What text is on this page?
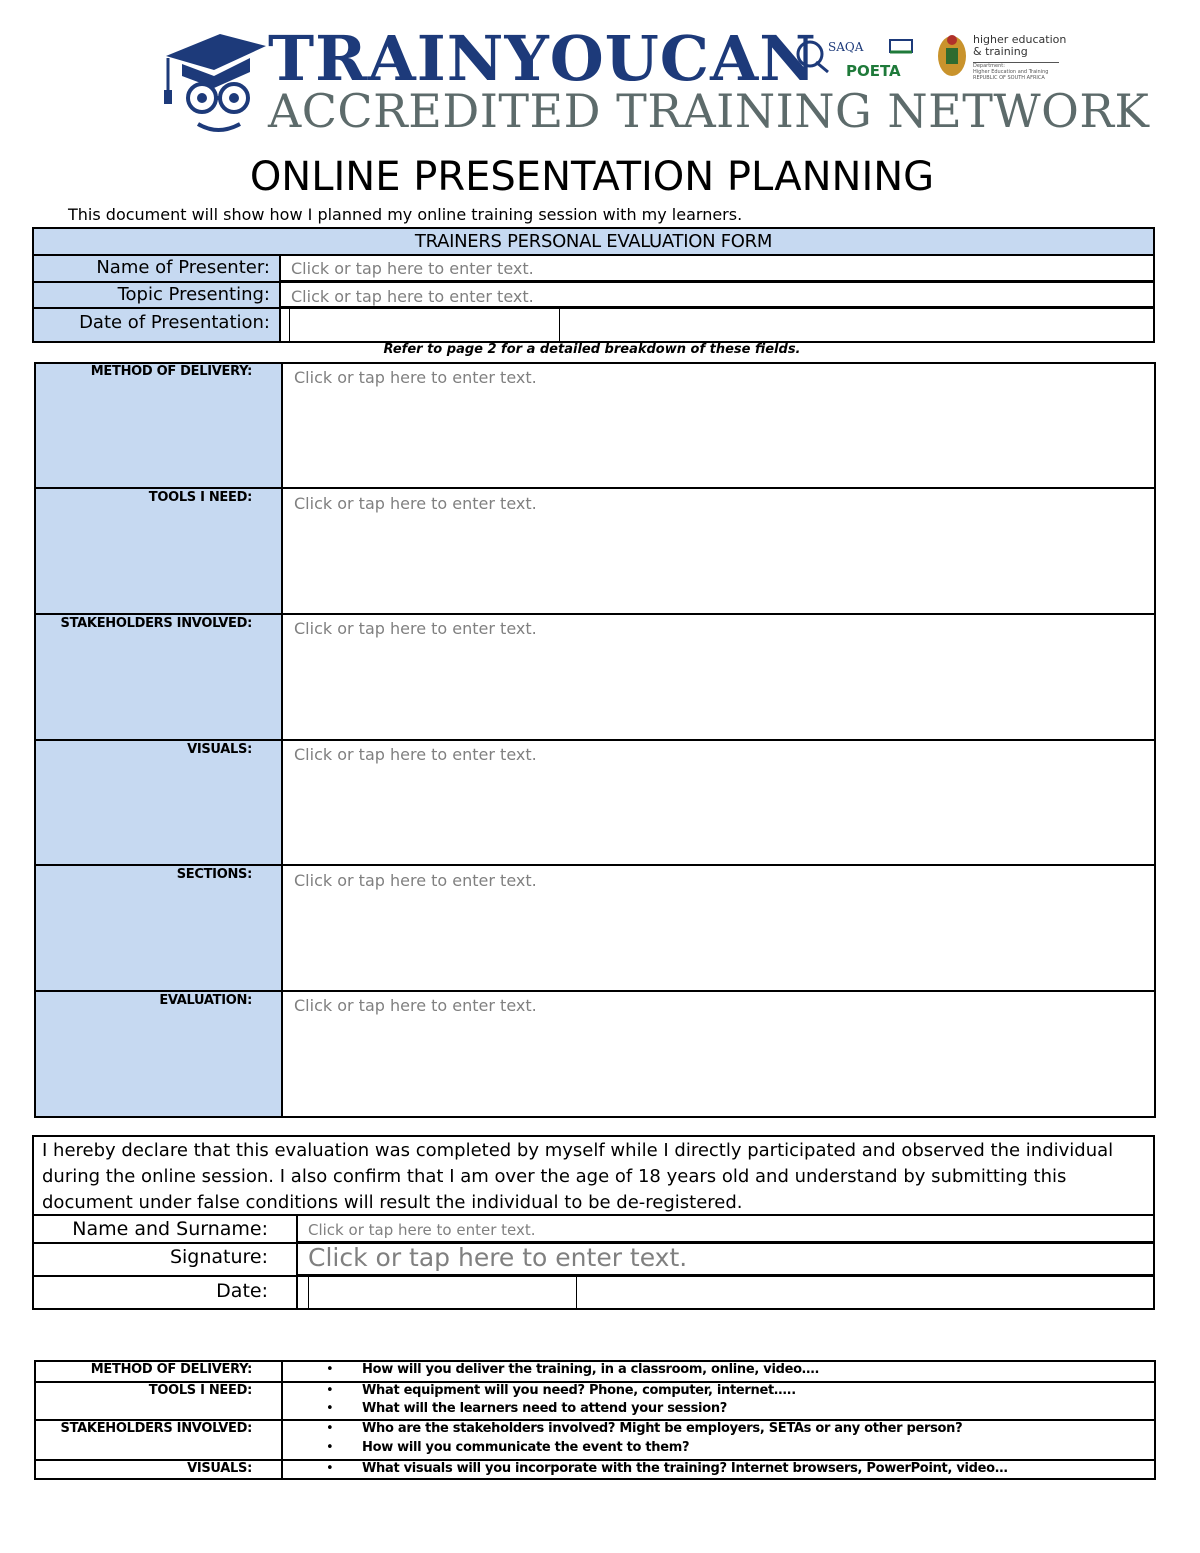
TRAINYOUCAN
ACCREDITED TRAINING NETWORK
SAQA
POETA
higher education
& training
Department:
Higher Education and Training
REPUBLIC OF SOUTH AFRICA
ONLINE PRESENTATION PLANNING
This document will show how I planned my online training session with my learners.
TRAINERS PERSONAL EVALUATION FORM
Name of Presenter: Click or tap here to enter text.
Topic Presenting: Click or tap here to enter text.
Date of Presentation:
Refer to page 2 for a detailed breakdown of these fields.
METHOD OF DELIVERY:	Click or tap here to enter text.
TOOLS I NEED:	Click or tap here to enter text.
STAKEHOLDERS INVOLVED:	Click or tap here to enter text.
VISUALS:	Click or tap here to enter text.
SECTIONS:	Click or tap here to enter text.
EVALUATION:	Click or tap here to enter text.
I hereby declare that this evaluation was completed by myself while I directly participated and observed the individual during the online session. I also confirm that I am over the age of 18 years old and understand by submitting this document under false conditions will result the individual to be de-registered.
Name and Surname:	Click or tap here to enter text.
Signature: Click or tap here to enter text.
Date:
METHOD OF DELIVERY:	• How will you deliver the training, in a classroom, online, video….
TOOLS I NEED:	• What equipment will you need? Phone, computer, internet…..
• What will the learners need to attend your session?
STAKEHOLDERS INVOLVED:	• Who are the stakeholders involved? Might be employers, SETAs or any other person?
• How will you communicate the event to them?
VISUALS:	• What visuals will you incorporate with the training? Internet browsers, PowerPoint, video…
